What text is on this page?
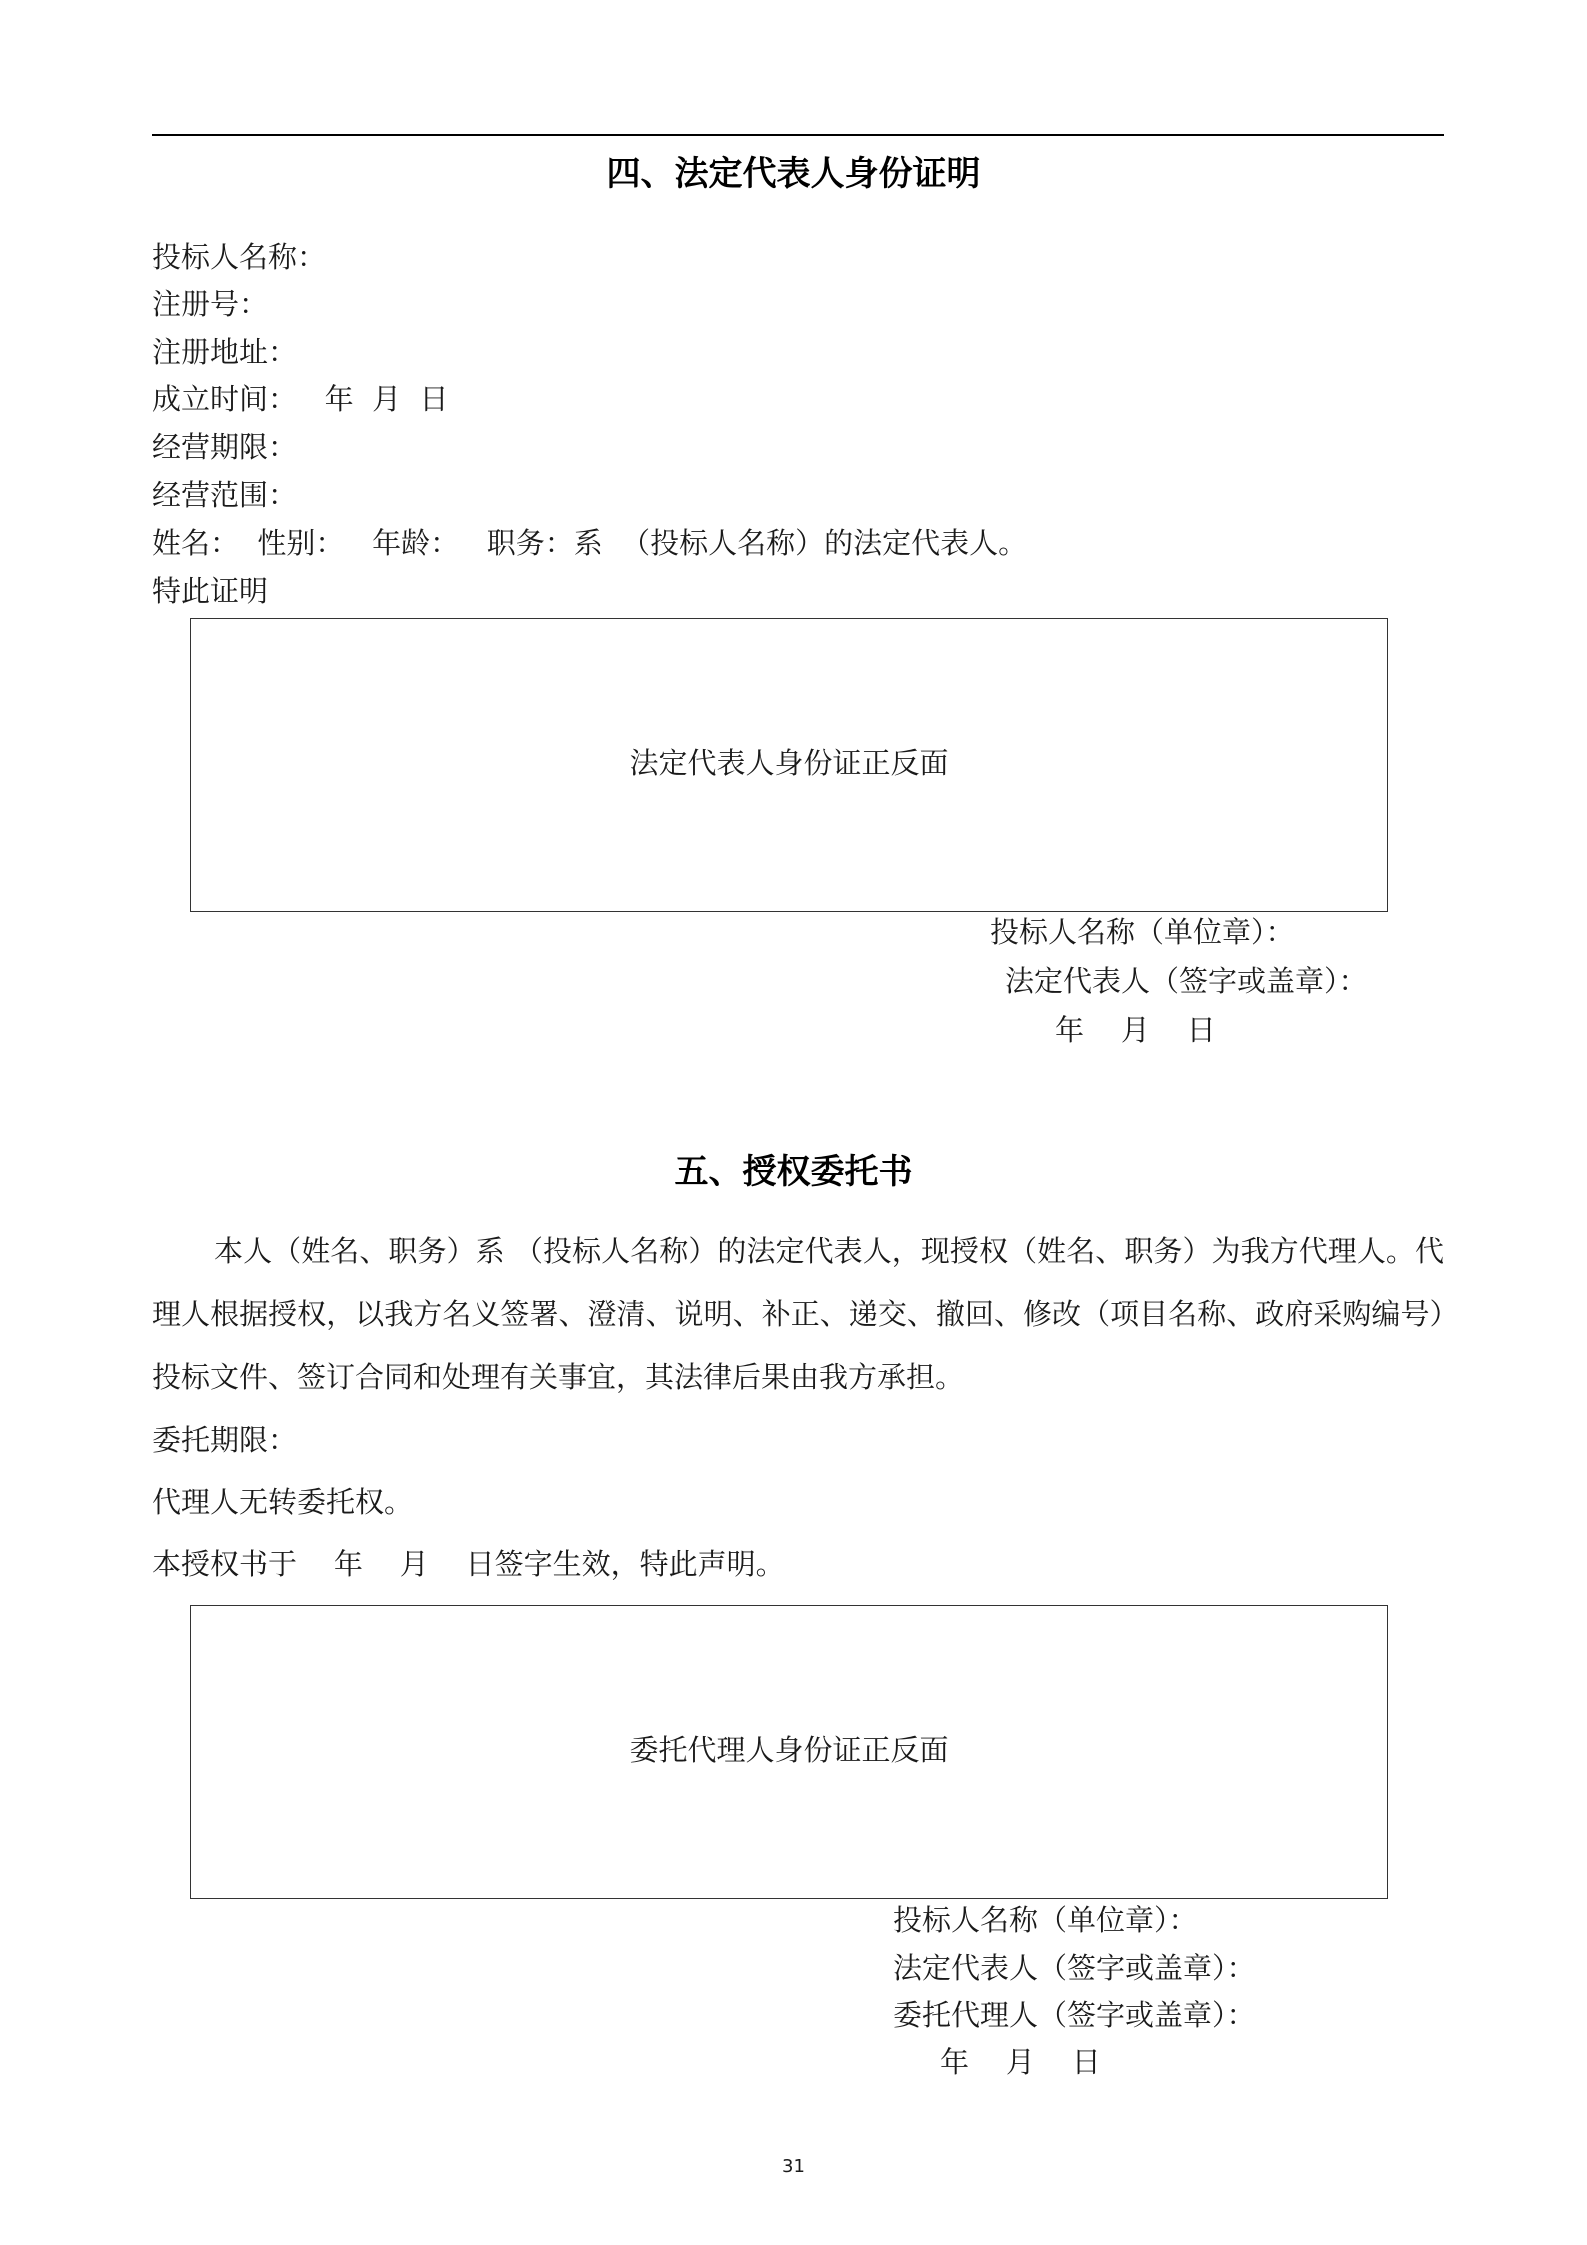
四、法定代表人身份证明
投标人名称：
注册号：
注册地址：
成立时间：   年  月  日
经营期限：
经营范围：
姓名：  性别：   年龄：   职务：系  （投标人名称）的法定代表人。
特此证明
法定代表人身份证正反面
投标人名称（单位章）：
法定代表人（签字或盖章）：
年    月    日
五、授权委托书
本人（姓名、职务）系 （投标人名称）的法定代表人，现授权（姓名、职务）为我方代理人。代理人根据授权，以我方名义签署、澄清、说明、补正、递交、撤回、修改（项目名称、政府采购编号）投标文件、签订合同和处理有关事宜，其法律后果由我方承担。
委托期限：
代理人无转委托权。
本授权书于    年    月    日签字生效，特此声明。
委托代理人身份证正反面
投标人名称（单位章）：
法定代表人（签字或盖章）：
委托代理人（签字或盖章）：
年    月    日
31
